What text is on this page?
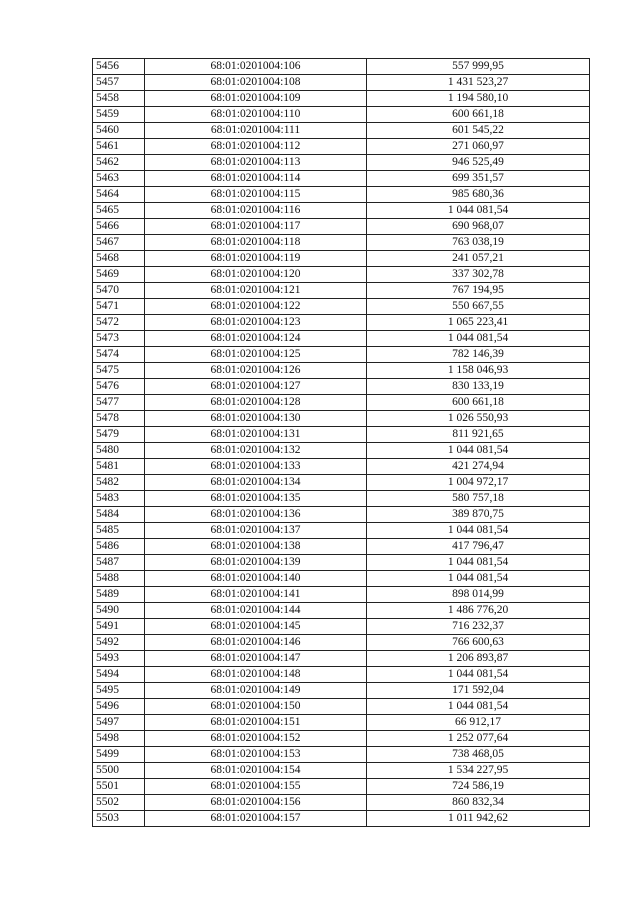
5456	68:01:0201004:106	557 999,95
5457	68:01:0201004:108	1 431 523,27
5458	68:01:0201004:109	1 194 580,10
5459	68:01:0201004:110	600 661,18
5460	68:01:0201004:111	601 545,22
5461	68:01:0201004:112	271 060,97
5462	68:01:0201004:113	946 525,49
5463	68:01:0201004:114	699 351,57
5464	68:01:0201004:115	985 680,36
5465	68:01:0201004:116	1 044 081,54
5466	68:01:0201004:117	690 968,07
5467	68:01:0201004:118	763 038,19
5468	68:01:0201004:119	241 057,21
5469	68:01:0201004:120	337 302,78
5470	68:01:0201004:121	767 194,95
5471	68:01:0201004:122	550 667,55
5472	68:01:0201004:123	1 065 223,41
5473	68:01:0201004:124	1 044 081,54
5474	68:01:0201004:125	782 146,39
5475	68:01:0201004:126	1 158 046,93
5476	68:01:0201004:127	830 133,19
5477	68:01:0201004:128	600 661,18
5478	68:01:0201004:130	1 026 550,93
5479	68:01:0201004:131	811 921,65
5480	68:01:0201004:132	1 044 081,54
5481	68:01:0201004:133	421 274,94
5482	68:01:0201004:134	1 004 972,17
5483	68:01:0201004:135	580 757,18
5484	68:01:0201004:136	389 870,75
5485	68:01:0201004:137	1 044 081,54
5486	68:01:0201004:138	417 796,47
5487	68:01:0201004:139	1 044 081,54
5488	68:01:0201004:140	1 044 081,54
5489	68:01:0201004:141	898 014,99
5490	68:01:0201004:144	1 486 776,20
5491	68:01:0201004:145	716 232,37
5492	68:01:0201004:146	766 600,63
5493	68:01:0201004:147	1 206 893,87
5494	68:01:0201004:148	1 044 081,54
5495	68:01:0201004:149	171 592,04
5496	68:01:0201004:150	1 044 081,54
5497	68:01:0201004:151	66 912,17
5498	68:01:0201004:152	1 252 077,64
5499	68:01:0201004:153	738 468,05
5500	68:01:0201004:154	1 534 227,95
5501	68:01:0201004:155	724 586,19
5502	68:01:0201004:156	860 832,34
5503	68:01:0201004:157	1 011 942,62
